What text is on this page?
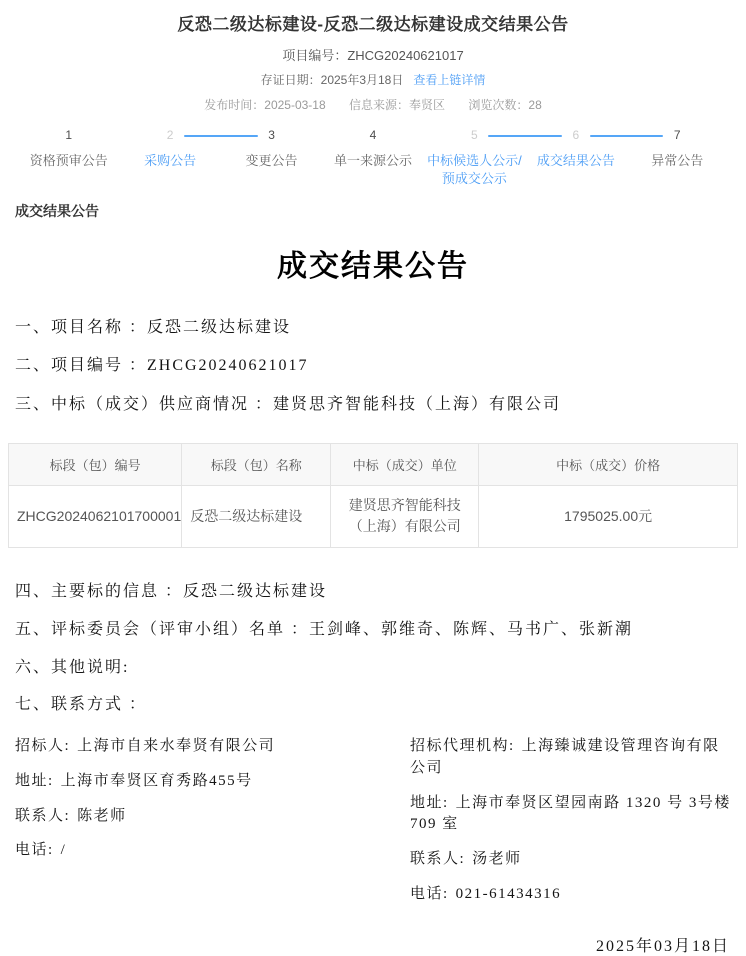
反恐二级达标建设-反恐二级达标建设成交结果公告
项目编号：ZHCG20240621017
存证日期：2025年3月18日 查看上链详情
发布时间：2025-03-18 信息来源：奉贤区 浏览次数：28
1
资格预审公告
2
采购公告
3
变更公告
4
单一来源公示
5
中标候选人公示/预成交公示
6
成交结果公告
7
异常公告
成交结果公告
成交结果公告
一、项目名称 ：反恐二级达标建设
二、项目编号 ：ZHCG20240621017
三、中标（成交）供应商情况 ：建贤思齐智能科技（上海）有限公司
标段（包）编号	标段（包）名称	中标（成交）单位	中标（成交）价格
ZHCG2024062101700001	反恐二级达标建设	建贤思齐智能科技（上海）有限公司	1795025.00元
四、主要标的信息 ：反恐二级达标建设
五、评标委员会（评审小组）名单 ：王剑峰、郭维奇、陈辉、马书广、张新潮
六、其他说明:
七、联系方式 ：
招标人: 上海市自来水奉贤有限公司
地址: 上海市奉贤区育秀路455号
联系人: 陈老师
电话: /
招标代理机构: 上海臻诚建设管理咨询有限公司
地址: 上海市奉贤区望园南路 1320 号 3号楼 709 室
联系人: 汤老师
电话: 021-61434316
2025年03月18日
